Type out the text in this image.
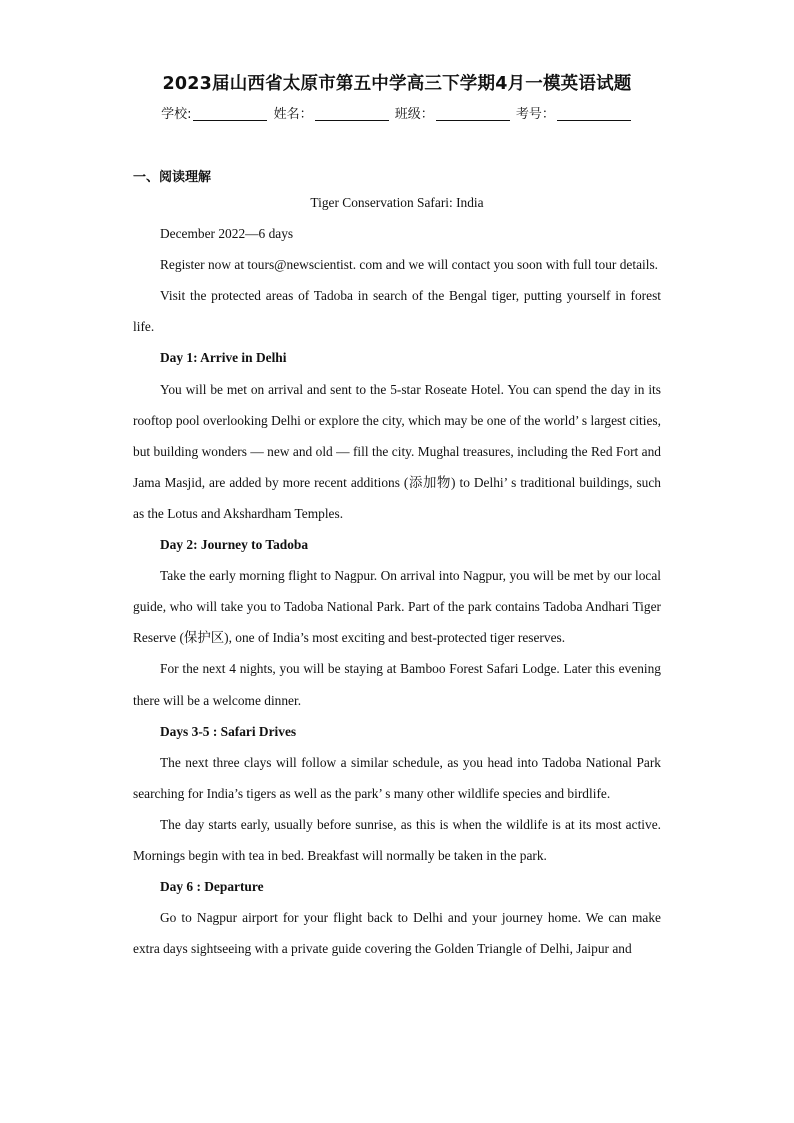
2023届山西省太原市第五中学高三下学期4月一模英语试题
学校:	姓名：	班级：	考号：
一、阅读理解

Tiger Conservation Safari: India

December 2022—6 days

Register now at tours@newscientist. com and we will contact you soon with full tour details.

Visit the protected areas of Tadoba in search of the Bengal tiger, putting yourself in forest life.

Day 1: Arrive in Delhi

You will be met on arrival and sent to the 5-star Roseate Hotel. You can spend the day in its rooftop pool overlooking Delhi or explore the city, which may be one of the world’ s largest cities, but building wonders — new and old — fill the city. Mughal treasures, including the Red Fort and Jama Masjid, are added by more recent additions (添加物) to Delhi’ s traditional buildings, such as the Lotus and Akshardham Temples.

Day 2: Journey to Tadoba

Take the early morning flight to Nagpur. On arrival into Nagpur, you will be met by our local guide, who will take you to Tadoba National Park. Part of the park contains Tadoba Andhari Tiger Reserve (保护区), one of India’s most exciting and best-protected tiger reserves.

For the next 4 nights, you will be staying at Bamboo Forest Safari Lodge. Later this evening there will be a welcome dinner.

Days 3-5 : Safari Drives

The next three clays will follow a similar schedule, as you head into Tadoba National Park searching for India’s tigers as well as the park’ s many other wildlife species and birdlife.

The day starts early, usually before sunrise, as this is when the wildlife is at its most active. Mornings begin with tea in bed. Breakfast will normally be taken in the park.

Day 6 : Departure

Go to Nagpur airport for your flight back to Delhi and your journey home. We can make extra days sightseeing with a private guide covering the Golden Triangle of Delhi, Jaipur and
